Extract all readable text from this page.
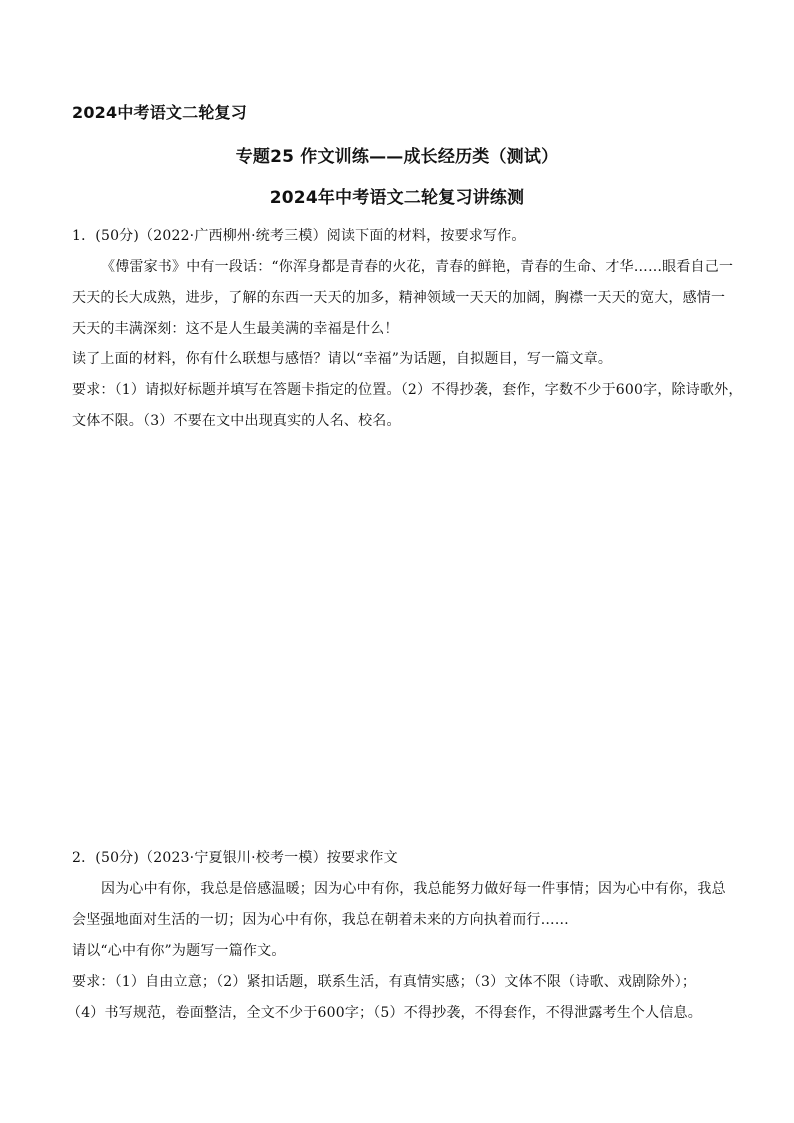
2024中考语文二轮复习
专题25 作文训练——成长经历类（测试）
2024年中考语文二轮复习讲练测
1．(50分)（2022·广西柳州·统考三模）阅读下面的材料，按要求写作。
《傅雷家书》中有一段话：“你浑身都是青春的火花，青春的鲜艳，青春的生命、才华……眼看自己一
天天的长大成熟，进步，了解的东西一天天的加多，精神领域一天天的加阔，胸襟一天天的宽大，感情一
天天的丰满深刻：这不是人生最美满的幸福是什么！
读了上面的材料，你有什么联想与感悟？请以“幸福”为话题，自拟题目，写一篇文章。
要求：（1）请拟好标题并填写在答题卡指定的位置。（2）不得抄袭，套作，字数不少于600字，除诗歌外，
文体不限。（3）不要在文中出现真实的人名、校名。
2．(50分)（2023·宁夏银川·校考一模）按要求作文
因为心中有你，我总是倍感温暖；因为心中有你，我总能努力做好每一件事情；因为心中有你，我总
会坚强地面对生活的一切；因为心中有你，我总在朝着未来的方向执着而行……
请以“心中有你”为题写一篇作文。
要求：（1）自由立意；（2）紧扣话题，联系生活，有真情实感；（3）文体不限（诗歌、戏剧除外）；
（4）书写规范，卷面整洁，全文不少于600字；（5）不得抄袭，不得套作，不得泄露考生个人信息。
